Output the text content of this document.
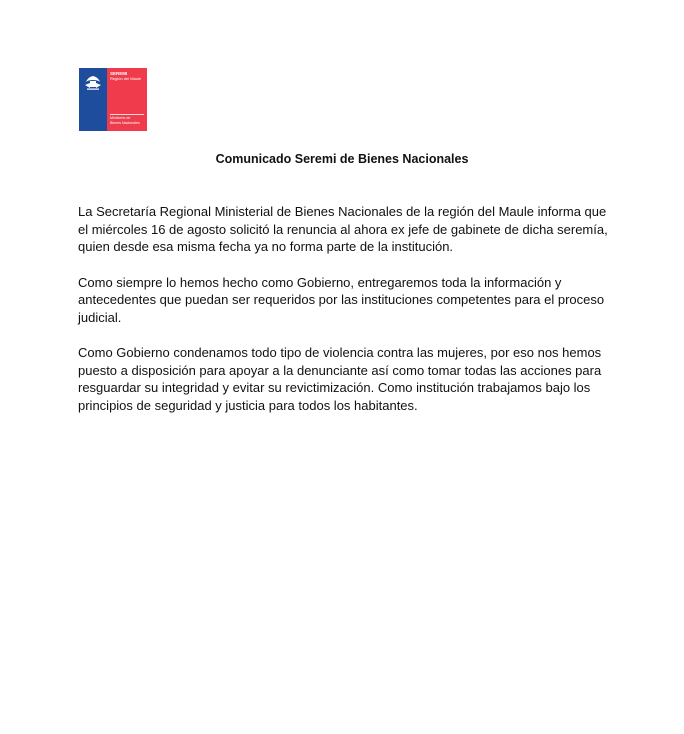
SEREMI
Región del Maule
Ministerio de
Bienes Nacionales
Comunicado Seremi de Bienes Nacionales

La Secretaría Regional Ministerial de Bienes Nacionales de la región del Maule informa que
el miércoles 16 de agosto solicitó la renuncia al ahora ex jefe de gabinete de dicha seremía,
quien desde esa misma fecha ya no forma parte de la institución.

Como siempre lo hemos hecho como Gobierno, entregaremos toda la información y
antecedentes que puedan ser requeridos por las instituciones competentes para el proceso
judicial.

Como Gobierno condenamos todo tipo de violencia contra las mujeres, por eso nos hemos
puesto a disposición para apoyar a la denunciante así como tomar todas las acciones para
resguardar su integridad y evitar su revictimización. Como institución trabajamos bajo los
principios de seguridad y justicia para todos los habitantes.
